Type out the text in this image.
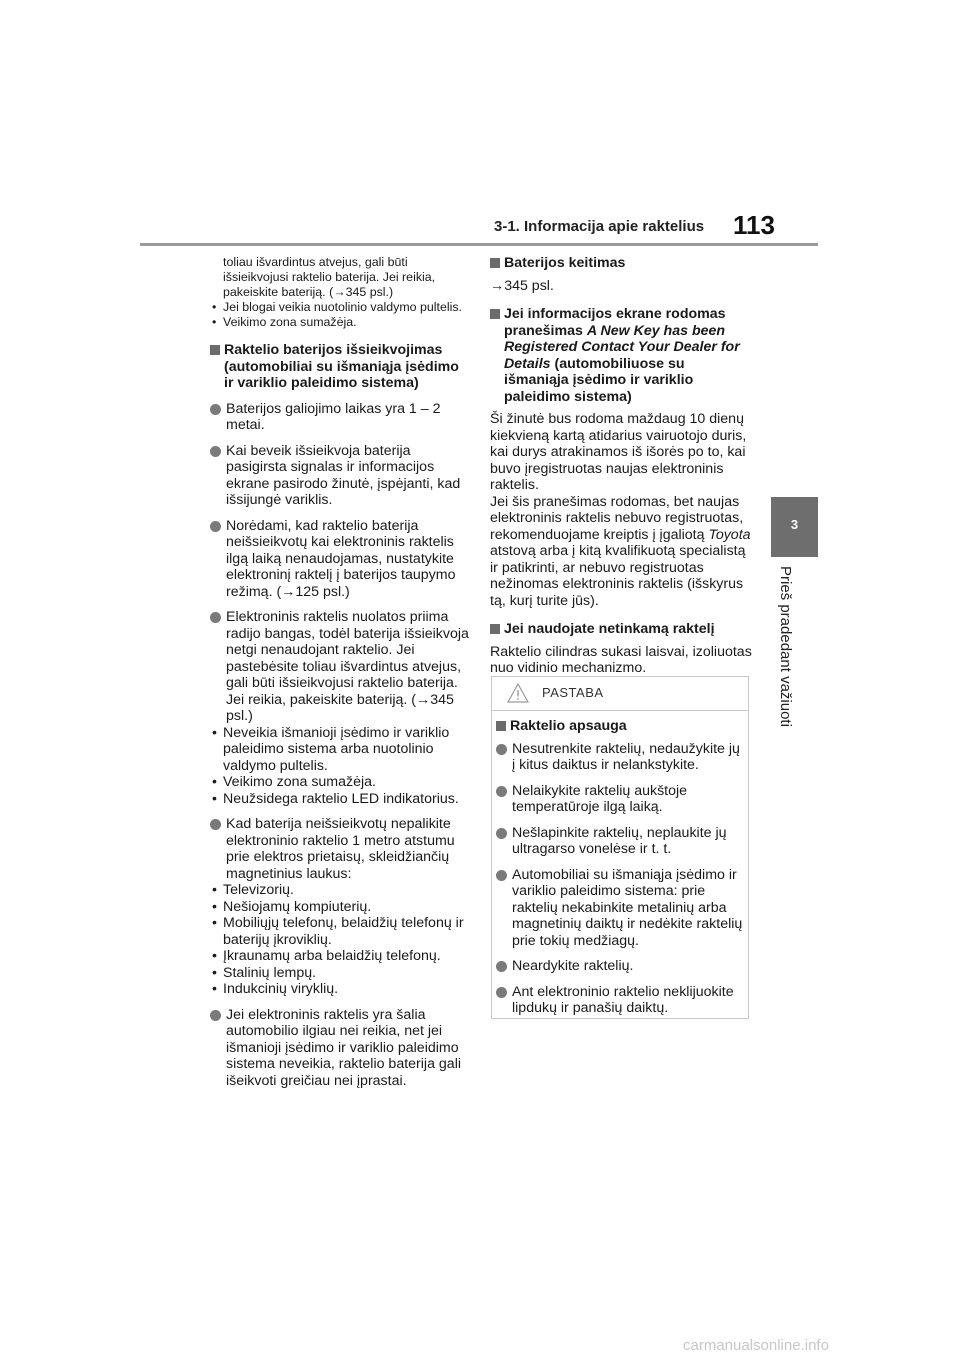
3-1. Informacija apie raktelius 113
3
Prieš pradedant važiuoti
toliau išvardintus atvejus, gali būti
išsieikvojusi raktelio baterija. Jei reikia,
pakeiskite bateriją. (→345 psl.)
• Jei blogai veikia nuotolinio valdymo pultelis.
• Veikimo zona sumažėja.
Raktelio baterijos išsieikvojimas (automobiliai su išmaniąja įsėdimo ir variklio paleidimo sistema)
Baterijos galiojimo laikas yra 1 – 2 metai.
Kai beveik išsieikvoja baterija pasigirsta signalas ir informacijos ekrane pasirodo žinutė, įspėjanti, kad išsijungė variklis.
Norėdami, kad raktelio baterija neišsieikvotų kai elektroninis raktelis ilgą laiką nenaudojamas, nustatykite elektroninį raktelį į baterijos taupymo režimą. (→125 psl.)
Elektroninis raktelis nuolatos priima radijo bangas, todėl baterija išsieikvoja netgi nenaudojant raktelio. Jei pastebėsite toliau išvardintus atvejus, gali būti išsieikvojusi raktelio baterija. Jei reikia, pakeiskite bateriją. (→345 psl.)
• Neveikia išmanioji įsėdimo ir variklio paleidimo sistema arba nuotolinio valdymo pultelis.
• Veikimo zona sumažėja.
• Neužsidega raktelio LED indikatorius.
Kad baterija neišsieikvotų nepalikite elektroninio raktelio 1 metro atstumu prie elektros prietaisų, skleidžiančių magnetinius laukus:
• Televizorių.
• Nešiojamų kompiuterių.
• Mobiliųjų telefonų, belaidžių telefonų ir baterijų įkroviklių.
• Įkraunamų arba belaidžių telefonų.
• Stalinių lempų.
• Indukcinių viryklių.
Jei elektroninis raktelis yra šalia automobilio ilgiau nei reikia, net jei išmanioji įsėdimo ir variklio paleidimo sistema neveikia, raktelio baterija gali išeikvoti greičiau nei įprastai.
Baterijos keitimas
→345 psl.
Jei informacijos ekrane rodomas pranešimas A New Key has been Registered Contact Your Dealer for Details (automobiliuose su išmaniąja įsėdimo ir variklio paleidimo sistema)
Ši žinutė bus rodoma maždaug 10 dienų kiekvieną kartą atidarius vairuotojo duris, kai durys atrakinamos iš išorės po to, kai buvo įregistruotas naujas elektroninis raktelis.
Jei šis pranešimas rodomas, bet naujas elektroninis raktelis nebuvo registruotas, rekomenduojame kreiptis į įgaliotą Toyota atstovą arba į kitą kvalifikuotą specialistą ir patikrinti, ar nebuvo registruotas nežinomas elektroninis raktelis (išskyrus tą, kurį turite jūs).
Jei naudojate netinkamą raktelį
Raktelio cilindras sukasi laisvai, izoliuotas nuo vidinio mechanizmo.
PASTABA
Raktelio apsauga
Nesutrenkite raktelių, nedaužykite jų į kitus daiktus ir nelankstykite.
Nelaikykite raktelių aukštoje temperatūroje ilgą laiką.
Nešlapinkite raktelių, neplaukite jų ultragarso vonelėse ir t. t.
Automobiliai su išmaniąja įsėdimo ir variklio paleidimo sistema: prie raktelių nekabinkite metalinių arba magnetinių daiktų ir nedėkite raktelių prie tokių medžiagų.
Neardykite raktelių.
Ant elektroninio raktelio neklijuokite lipdukų ir panašių daiktų.
carmanualsonline.info
